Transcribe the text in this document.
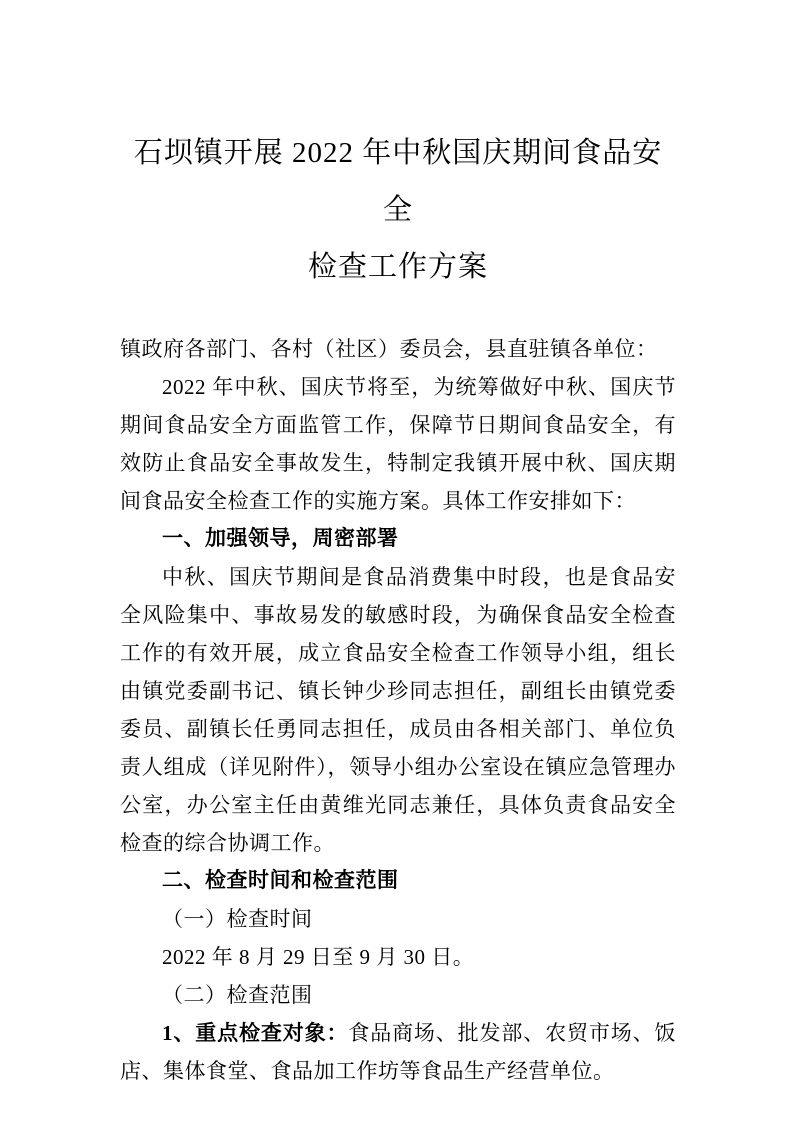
石坝镇开展 2022 年中秋国庆期间食品安全
检查工作方案

镇政府各部门、各村（社区）委员会，县直驻镇各单位：

2022 年中秋、国庆节将至，为统筹做好中秋、国庆节期间食品安全方面监管工作，保障节日期间食品安全，有效防止食品安全事故发生，特制定我镇开展中秋、国庆期间食品安全检查工作的实施方案。具体工作安排如下：

一、加强领导，周密部署

中秋、国庆节期间是食品消费集中时段，也是食品安全风险集中、事故易发的敏感时段，为确保食品安全检查工作的有效开展，成立食品安全检查工作领导小组，组长由镇党委副书记、镇长钟少珍同志担任，副组长由镇党委委员、副镇长任勇同志担任，成员由各相关部门、单位负责人组成（详见附件），领导小组办公室设在镇应急管理办公室，办公室主任由黄维光同志兼任，具体负责食品安全检查的综合协调工作。

二、检查时间和检查范围

（一）检查时间

2022 年 8 月 29 日至 9 月 30 日。

（二）检查范围

1、重点检查对象：食品商场、批发部、农贸市场、饭店、集体食堂、食品加工作坊等食品生产经营单位。
